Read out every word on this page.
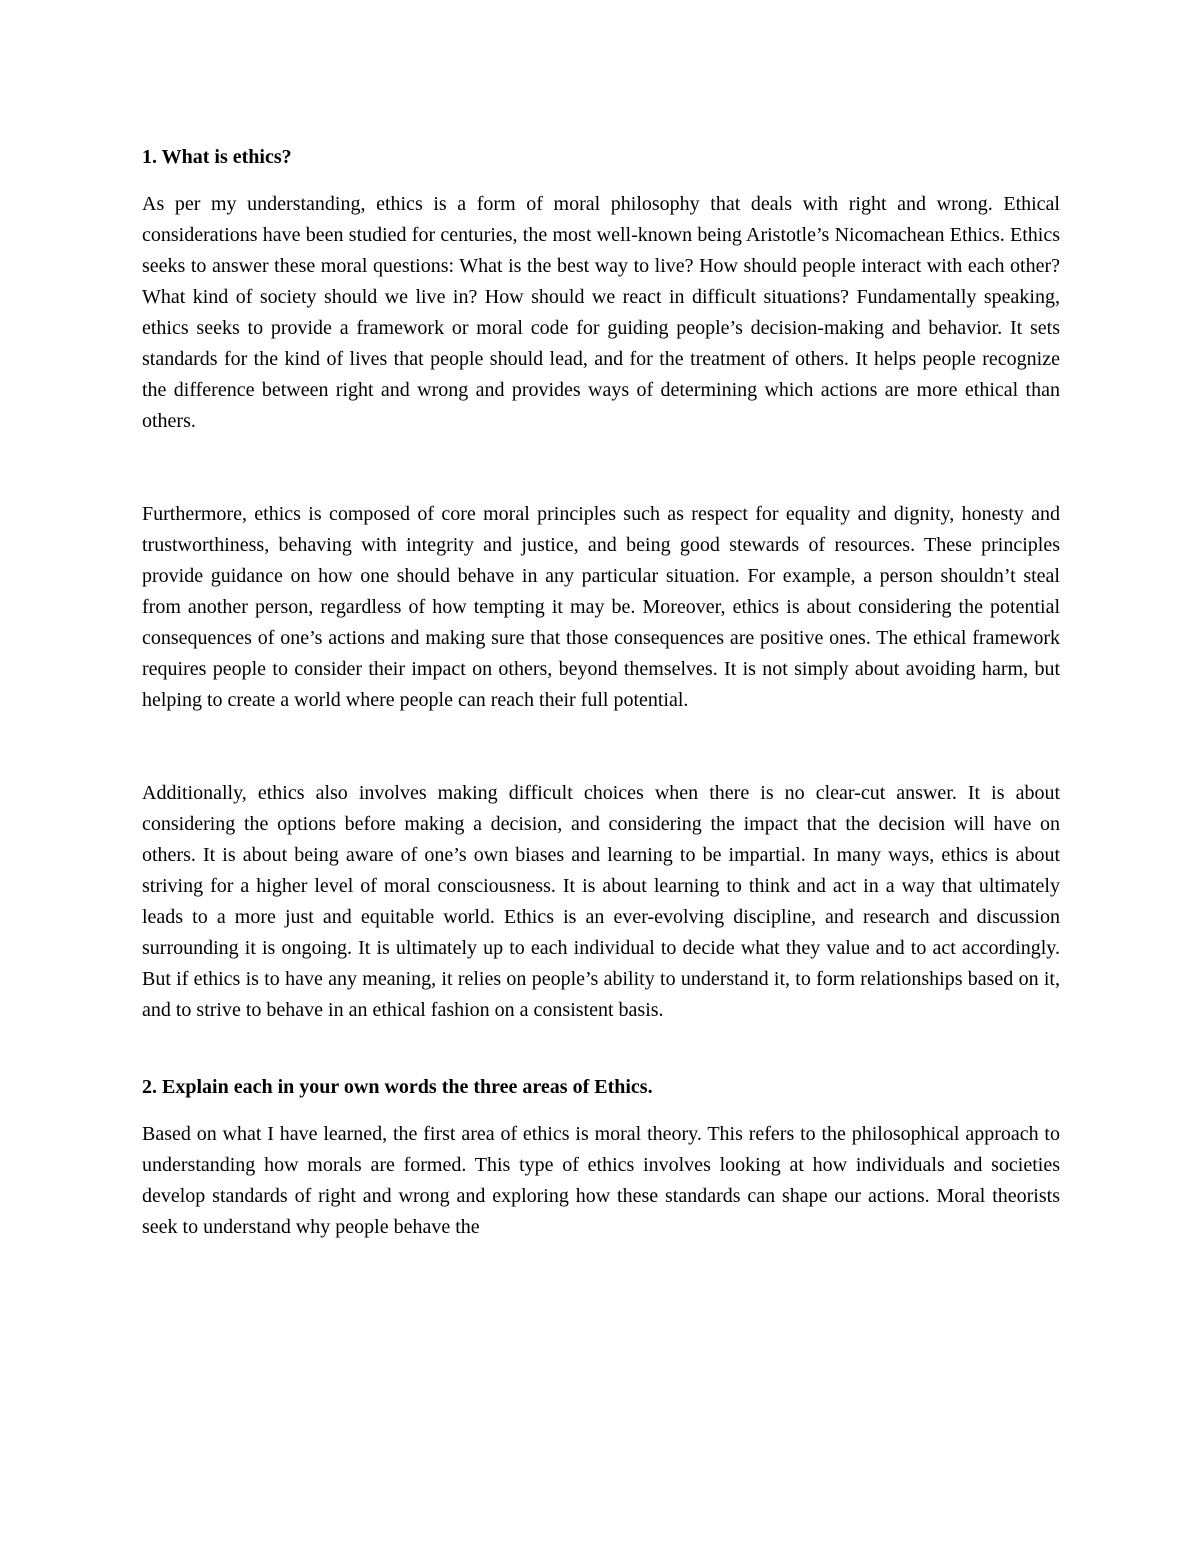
1. What is ethics?

As per my understanding, ethics is a form of moral philosophy that deals with right and wrong. Ethical considerations have been studied for centuries, the most well-known being Aristotle’s Nicomachean Ethics. Ethics seeks to answer these moral questions: What is the best way to live? How should people interact with each other? What kind of society should we live in? How should we react in difficult situations? Fundamentally speaking, ethics seeks to provide a framework or moral code for guiding people’s decision-making and behavior. It sets standards for the kind of lives that people should lead, and for the treatment of others. It helps people recognize the difference between right and wrong and provides ways of determining which actions are more ethical than others.

Furthermore, ethics is composed of core moral principles such as respect for equality and dignity, honesty and trustworthiness, behaving with integrity and justice, and being good stewards of resources. These principles provide guidance on how one should behave in any particular situation. For example, a person shouldn’t steal from another person, regardless of how tempting it may be. Moreover, ethics is about considering the potential consequences of one’s actions and making sure that those consequences are positive ones. The ethical framework requires people to consider their impact on others, beyond themselves. It is not simply about avoiding harm, but helping to create a world where people can reach their full potential.

Additionally, ethics also involves making difficult choices when there is no clear-cut answer. It is about considering the options before making a decision, and considering the impact that the decision will have on others. It is about being aware of one’s own biases and learning to be impartial. In many ways, ethics is about striving for a higher level of moral consciousness. It is about learning to think and act in a way that ultimately leads to a more just and equitable world. Ethics is an ever-evolving discipline, and research and discussion surrounding it is ongoing. It is ultimately up to each individual to decide what they value and to act accordingly. But if ethics is to have any meaning, it relies on people’s ability to understand it, to form relationships based on it, and to strive to behave in an ethical fashion on a consistent basis.

2. Explain each in your own words the three areas of Ethics.

Based on what I have learned, the first area of ethics is moral theory. This refers to the philosophical approach to understanding how morals are formed. This type of ethics involves looking at how individuals and societies develop standards of right and wrong and exploring how these standards can shape our actions. Moral theorists seek to understand why people behave the
